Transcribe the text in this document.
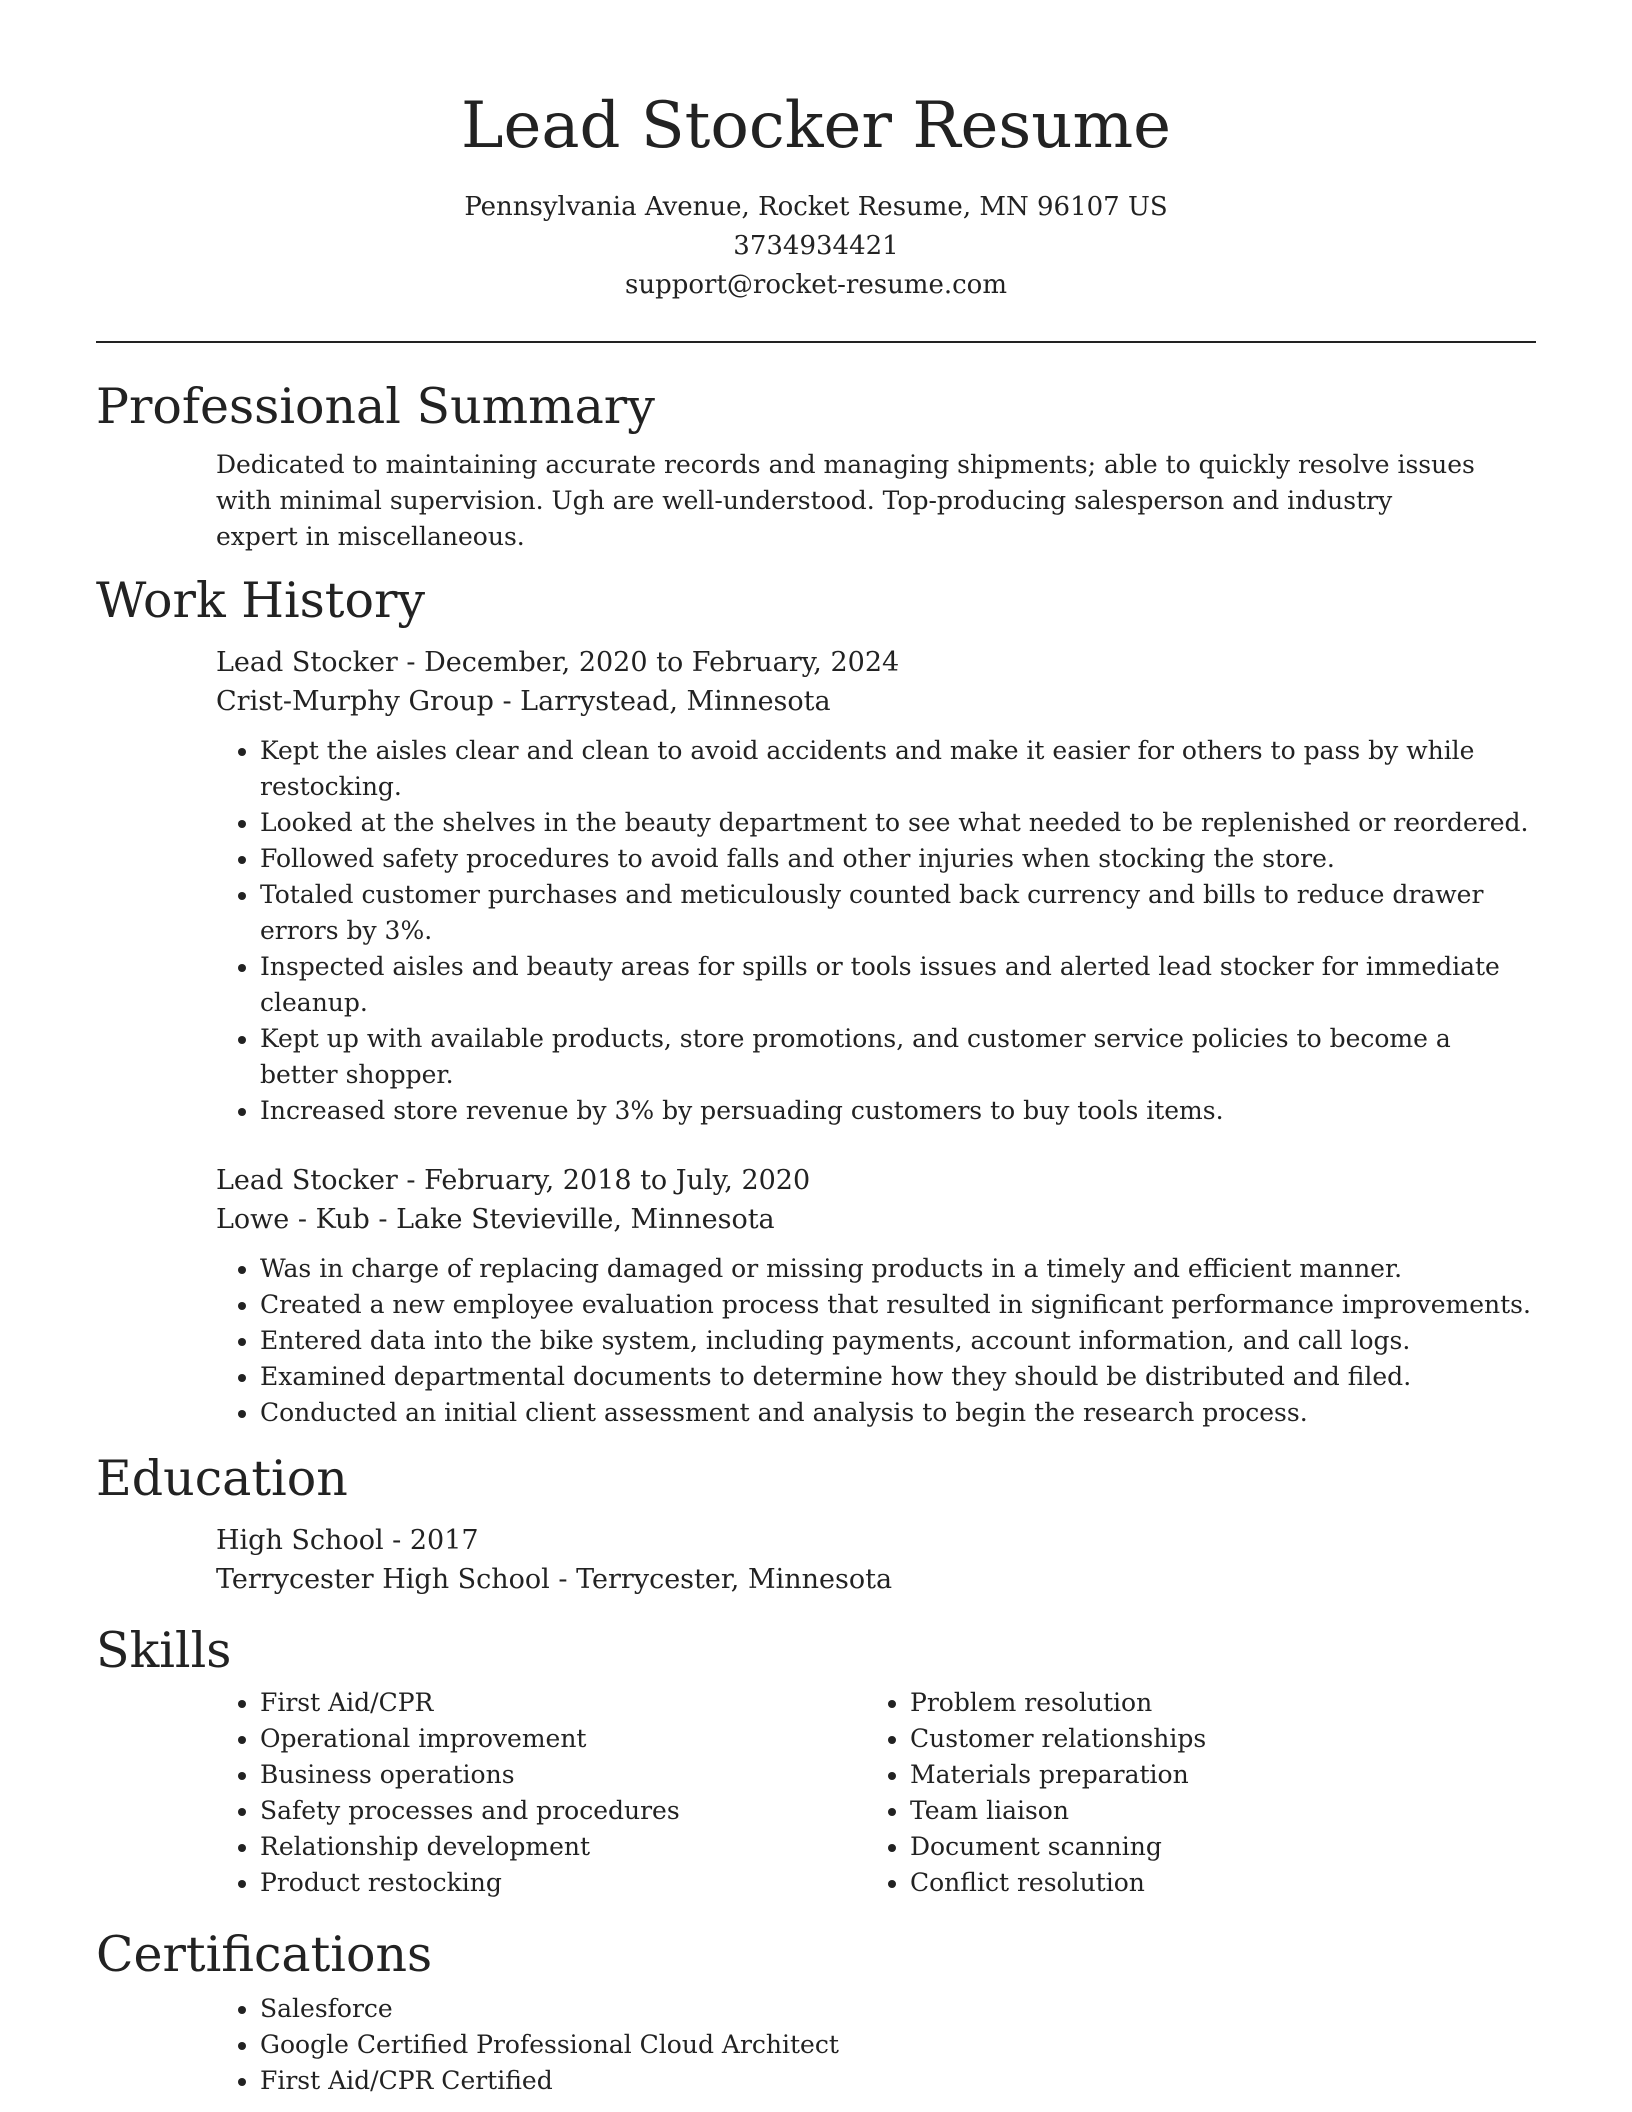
Lead Stocker Resume
Pennsylvania Avenue, Rocket Resume, MN 96107 US
3734934421
support@rocket-resume.com
Professional Summary

Dedicated to maintaining accurate records and managing shipments; able to quickly resolve issues with minimal supervision. Ugh are well-understood. Top-producing salesperson and industry expert in miscellaneous.

Work History

Lead Stocker - December, 2020 to February, 2024

Crist-Murphy Group - Larrystead, Minnesota

• Kept the aisles clear and clean to avoid accidents and make it easier for others to pass by while restocking.
• Looked at the shelves in the beauty department to see what needed to be replenished or reordered.
• Followed safety procedures to avoid falls and other injuries when stocking the store.
• Totaled customer purchases and meticulously counted back currency and bills to reduce drawer errors by 3%.
• Inspected aisles and beauty areas for spills or tools issues and alerted lead stocker for immediate cleanup.
• Kept up with available products, store promotions, and customer service policies to become a better shopper.
• Increased store revenue by 3% by persuading customers to buy tools items.

Lead Stocker - February, 2018 to July, 2020

Lowe - Kub - Lake Stevieville, Minnesota

• Was in charge of replacing damaged or missing products in a timely and efficient manner.
• Created a new employee evaluation process that resulted in significant performance improvements.
• Entered data into the bike system, including payments, account information, and call logs.
• Examined departmental documents to determine how they should be distributed and filed.
• Conducted an initial client assessment and analysis to begin the research process.
Education

High School - 2017

Terrycester High School - Terrycester, Minnesota

Skills
• First Aid/CPR
• Operational improvement
• Business operations
• Safety processes and procedures
• Relationship development
• Product restocking
• Problem resolution
• Customer relationships
• Materials preparation
• Team liaison
• Document scanning
• Conflict resolution
Certifications
• Salesforce
• Google Certified Professional Cloud Architect
• First Aid/CPR Certified
